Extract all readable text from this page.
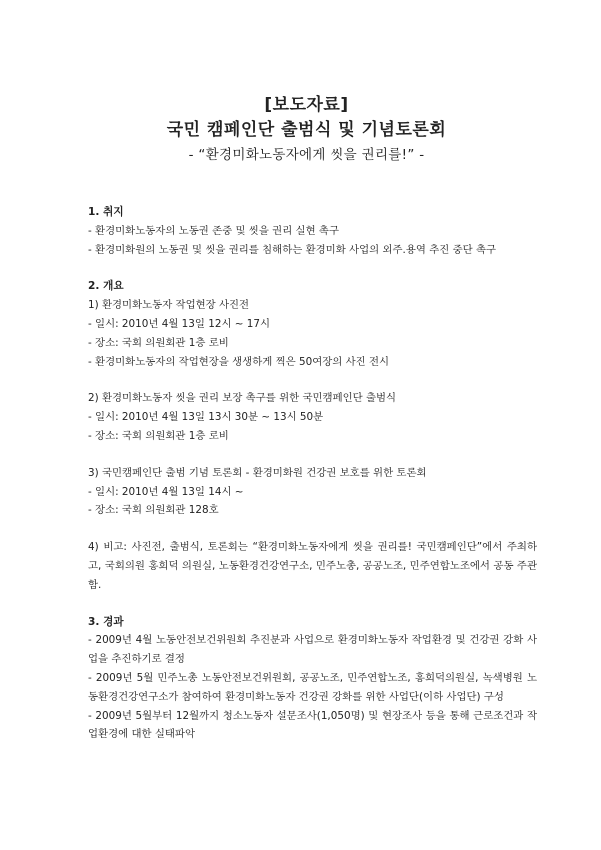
[보도자료]
국민 캠페인단 출범식 및 기념토론회
- “환경미화노동자에게 씻을 권리를!” -
1. 취지
- 환경미화노동자의 노동권 존중 및 씻을 권리 실현 촉구
- 환경미화원의 노동권 및 씻을 권리를 침해하는 환경미화 사업의 외주.용역 추진 중단 촉구
2. 개요
1) 환경미화노동자 작업현장 사진전
- 일시: 2010년 4월 13일 12시 ~ 17시
- 장소: 국회 의원회관 1층 로비
- 환경미화노동자의 작업현장을 생생하게 찍은 50여장의 사진 전시
2) 환경미화노동자 씻을 권리 보장 촉구를 위한 국민캠페인단 출범식
- 일시: 2010년 4월 13일 13시 30분 ~ 13시 50분
- 장소: 국회 의원회관 1층 로비
3) 국민캠페인단 출범 기념 토론회 - 환경미화원 건강권 보호를 위한 토론회
- 일시: 2010년 4월 13일 14시 ~
- 장소: 국회 의원회관 128호
4) 비고: 사진전, 출범식, 토론회는 “환경미화노동자에게 씻을 권리를! 국민캠페인단”에서 주최하고, 국회의원 홍희덕 의원실, 노동환경건강연구소, 민주노총, 공공노조, 민주연합노조에서 공동 주관함.
3. 경과
- 2009년 4월 노동안전보건위원회 추진분과 사업으로 환경미화노동자 작업환경 및 건강권 강화 사업을 추진하기로 결정
- 2009년 5월 민주노총 노동안전보건위원회, 공공노조, 민주연합노조, 홍희덕의원실, 녹색병원 노동환경건강연구소가 참여하여 환경미화노동자 건강권 강화를 위한 사업단(이하 사업단) 구성
- 2009년 5월부터 12월까지 청소노동자 설문조사(1,050명) 및 현장조사 등을 통해 근로조건과 작업환경에 대한 실태파악
